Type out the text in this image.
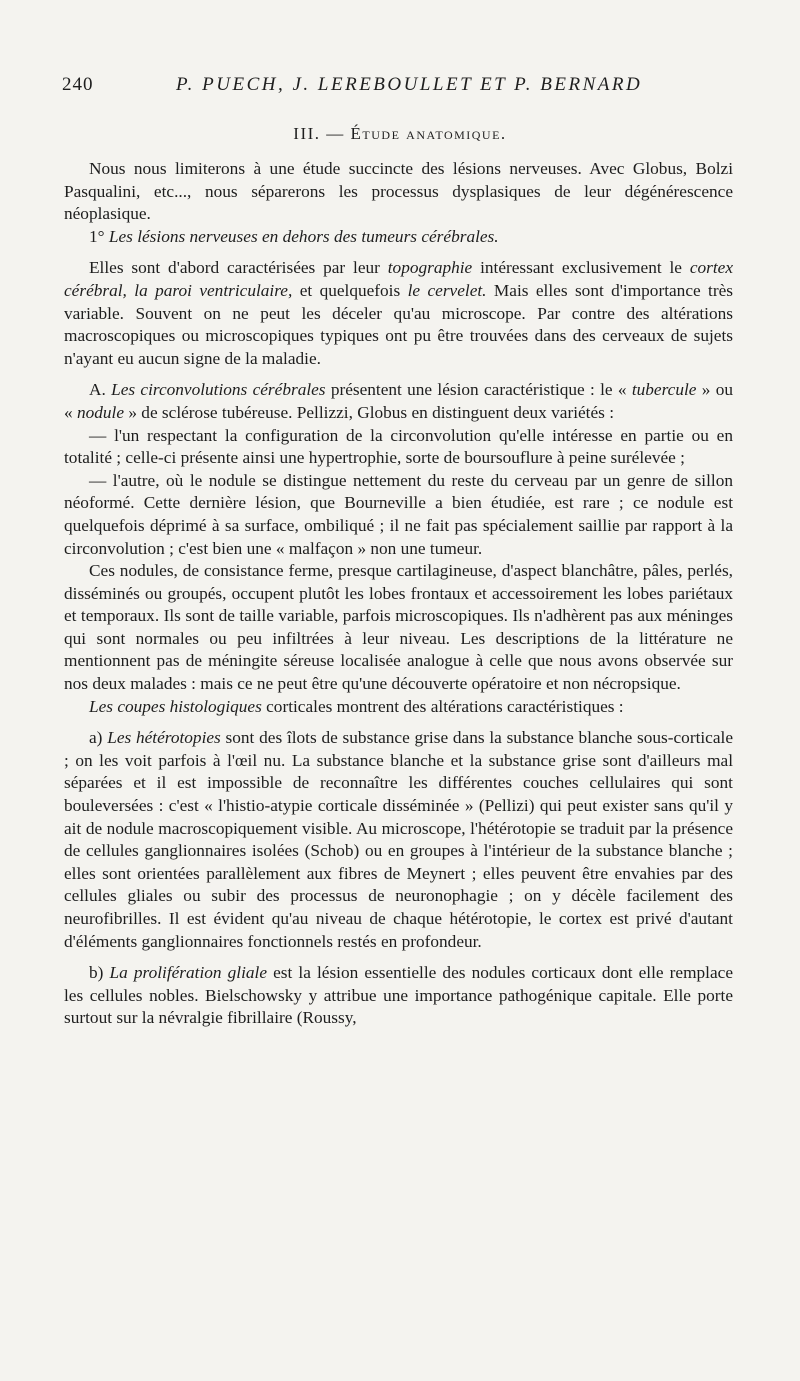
240	P. PUECH, J. LEREBOULLET ET P. BERNARD
III. — Étude anatomique.

Nous nous limiterons à une étude succincte des lésions nerveuses. Avec Globus, Bolzi Pasqualini, etc..., nous séparerons les processus dysplasiques de leur dégénérescence néoplasique.

1° Les lésions nerveuses en dehors des tumeurs cérébrales.

Elles sont d'abord caractérisées par leur topographie intéressant exclusivement le cortex cérébral, la paroi ventriculaire, et quelquefois le cervelet. Mais elles sont d'importance très variable. Souvent on ne peut les déceler qu'au microscope. Par contre des altérations macroscopiques ou microscopiques typiques ont pu être trouvées dans des cerveaux de sujets n'ayant eu aucun signe de la maladie.

A. Les circonvolutions cérébrales présentent une lésion caractéristique : le « tubercule » ou « nodule » de sclérose tubéreuse. Pellizzi, Globus en distinguent deux variétés :

— l'un respectant la configuration de la circonvolution qu'elle intéresse en partie ou en totalité ; celle-ci présente ainsi une hypertrophie, sorte de boursouflure à peine surélevée ;

— l'autre, où le nodule se distingue nettement du reste du cerveau par un genre de sillon néoformé. Cette dernière lésion, que Bourneville a bien étudiée, est rare ; ce nodule est quelquefois déprimé à sa surface, ombiliqué ; il ne fait pas spécialement saillie par rapport à la circonvolution ; c'est bien une « malfaçon » non une tumeur.

Ces nodules, de consistance ferme, presque cartilagineuse, d'aspect blanchâtre, pâles, perlés, disséminés ou groupés, occupent plutôt les lobes frontaux et accessoirement les lobes pariétaux et temporaux. Ils sont de taille variable, parfois microscopiques. Ils n'adhèrent pas aux méninges qui sont normales ou peu infiltrées à leur niveau. Les descriptions de la littérature ne mentionnent pas de méningite séreuse localisée analogue à celle que nous avons observée sur nos deux malades : mais ce ne peut être qu'une découverte opératoire et non nécropsique.

Les coupes histologiques corticales montrent des altérations caractéristiques :

a) Les hétérotopies sont des îlots de substance grise dans la substance blanche sous-corticale ; on les voit parfois à l'œil nu. La substance blanche et la substance grise sont d'ailleurs mal séparées et il est impossible de reconnaître les différentes couches cellulaires qui sont bouleversées : c'est « l'histio-atypie corticale disséminée » (Pellizi) qui peut exister sans qu'il y ait de nodule macroscopiquement visible. Au microscope, l'hétérotopie se traduit par la présence de cellules ganglionnaires isolées (Schob) ou en groupes à l'intérieur de la substance blanche ; elles sont orientées parallèlement aux fibres de Meynert ; elles peuvent être envahies par des cellules gliales ou subir des processus de neuronophagie ; on y décèle facilement des neurofibrilles. Il est évident qu'au niveau de chaque hétérotopie, le cortex est privé d'autant d'éléments ganglionnaires fonctionnels restés en profondeur.

b) La prolifération gliale est la lésion essentielle des nodules corticaux dont elle remplace les cellules nobles. Bielschowsky y attribue une importance pathogénique capitale. Elle porte surtout sur la névralgie fibrillaire (Roussy,
